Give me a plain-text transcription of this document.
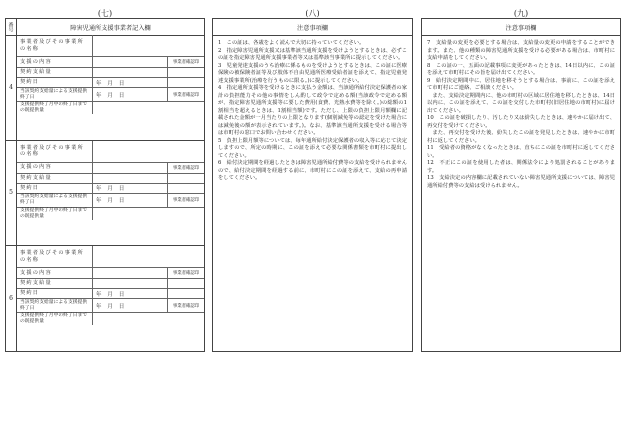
(七)	(八)	(九)
番号	障害児通所支援事業者記入欄
4
事業者及びその事業所の名称
支援の内容	事業者確認印
契約支給量
契約日	年 月 日
当該契約支給量による支援提供終了日	年 月 日	事業者確認印
支援提供終了月中の終了日までの既提供量
5
事業者及びその事業所の名称
支援の内容	事業者確認印
契約支給量
契約日	年 月 日
当該契約支給量による支援提供終了日	年 月 日	事業者確認印
支援提供終了月中の終了日までの既提供量
6
事業者及びその事業所の名称
支援の内容	事業者確認印
契約支給量
契約日	年 月 日
当該契約支給量による支援提供終了日	年 月 日	事業者確認印
支援提供終了月中の終了日までの既提供量
注意事項欄

1　この証は、各歳をよく読んで大切に持っていてください。

2　指定障害児通所支援又は基準該当通所支援を受けようとするときは、必ずこの証を指定障害児通所支援事業者等又は基準該当事業所に提示してください。

3　児童発達支援のうち治療に係るものを受けようとするときは、この証に医療保険の被保険者証等及び肢体不自由児通所医療受給者証を添えて、指定児童発達支援事業所(治療を行うものに限る。)に提示してください。

4　指定通所支援等を受けるときに支払う金額は、当該通所給付決定保護者の家計の負担能力その他の事情をしん酌して政令で定める額(当該政令で定める額が、指定障害児通所支援等に要した費用(食費、光熱水費等を除く。)の総額の1割相当を超えるときは、1割相当額)です。ただし、上限の負担上限月額欄に記載された金額が一月当たりの上限となります(個別減免等の認定を受けた場合には減免後の額が表示されています。)。なお、基準該当通所支援を受ける場合等は市町村の窓口でお問い合わせください。

5　負担上限月額等については、毎年通所給付決定保護者の収入等に応じて決定しますので、所定の時期に、この証を添えて必要な関係書類を市町村に提出してください。

6　給付決定期間を経過したときは障害児通所給付費等の支給を受けられませんので、給付決定期間を経過する前に、市町村にこの証を添えて、支給の再申請をしてください。

注意事項欄

7　支給量の変更を必要とする場合は、支給量の変更の申請をすることができます。また、他の種類の障害児通所支援を受ける必要がある場合は、市町村に支給申請をしてください。

8　この証の一、五面の記載事項に変更があったときは、14日以内に、この証を添えて市町村にその旨を届け出てください。

9　給付決定期間中に、居住地を移そうとする場合は、事前に、この証を添えて市町村にご連絡、ご相談ください。

　また、支給決定期間内に、他の市町村の区域に居住地を移したときは、14日以内に、この証を添えて、この証を交付した市町村(旧居住地の市町村)に届け出てください。

10　この証を破損したり、汚したり又は紛失したときは、速やかに届け出て、再交付を受けてください。

　また、再交付を受けた後、紛失したこの証を発見したときは、速やかに市町村に返してください。

11　受給者の資格がなくなったときは、直ちにこの証を市町村に返してください。

12　不正にこの証を使用した者は、関係法令により処罰されることがあります。

13　支給決定の内容欄に記載されていない障害児通所支援については、障害児通所給付費等の支給は受けられません。
